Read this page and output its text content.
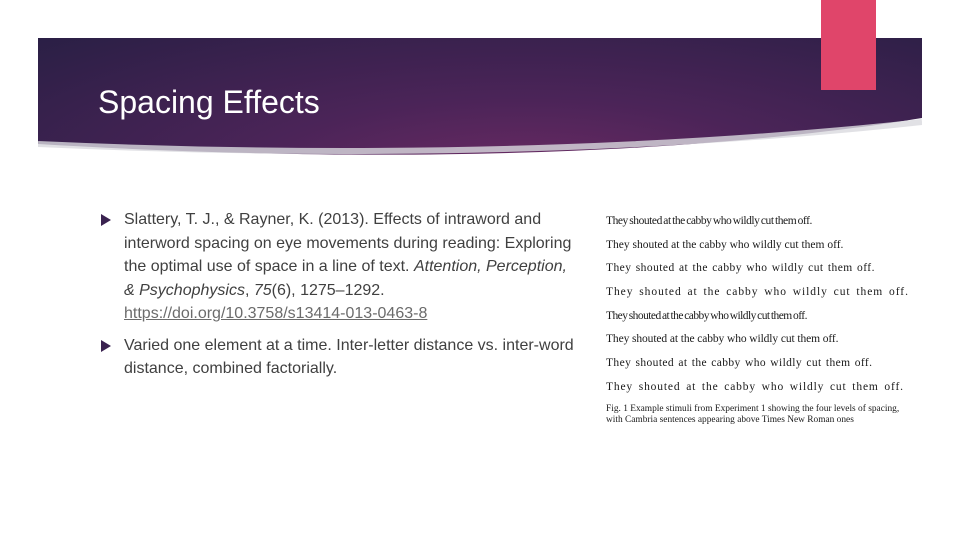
Spacing Effects
Slattery, T. J., & Rayner, K. (2013). Effects of intraword and interword spacing on eye movements during reading: Exploring the optimal use of space in a line of text. Attention, Perception, & Psychophysics, 75(6), 1275–1292. https://doi.org/10.3758/s13414-013-0463-8
Varied one element at a time. Inter-letter distance vs. inter-word distance, combined factorially.
They shouted at the cabby who wildly cut them off.
They shouted at the cabby who wildly cut them off.
They shouted at the cabby who wildly cut them off.
They shouted at the cabby who wildly cut them off.
They shouted at the cabby who wildly cut them off.
They shouted at the cabby who wildly cut them off.
They shouted at the cabby who wildly cut them off.
They shouted at the cabby who wildly cut them off.
Fig. 1 Example stimuli from Experiment 1 showing the four levels of spacing, with Cambria sentences appearing above Times New Roman ones
